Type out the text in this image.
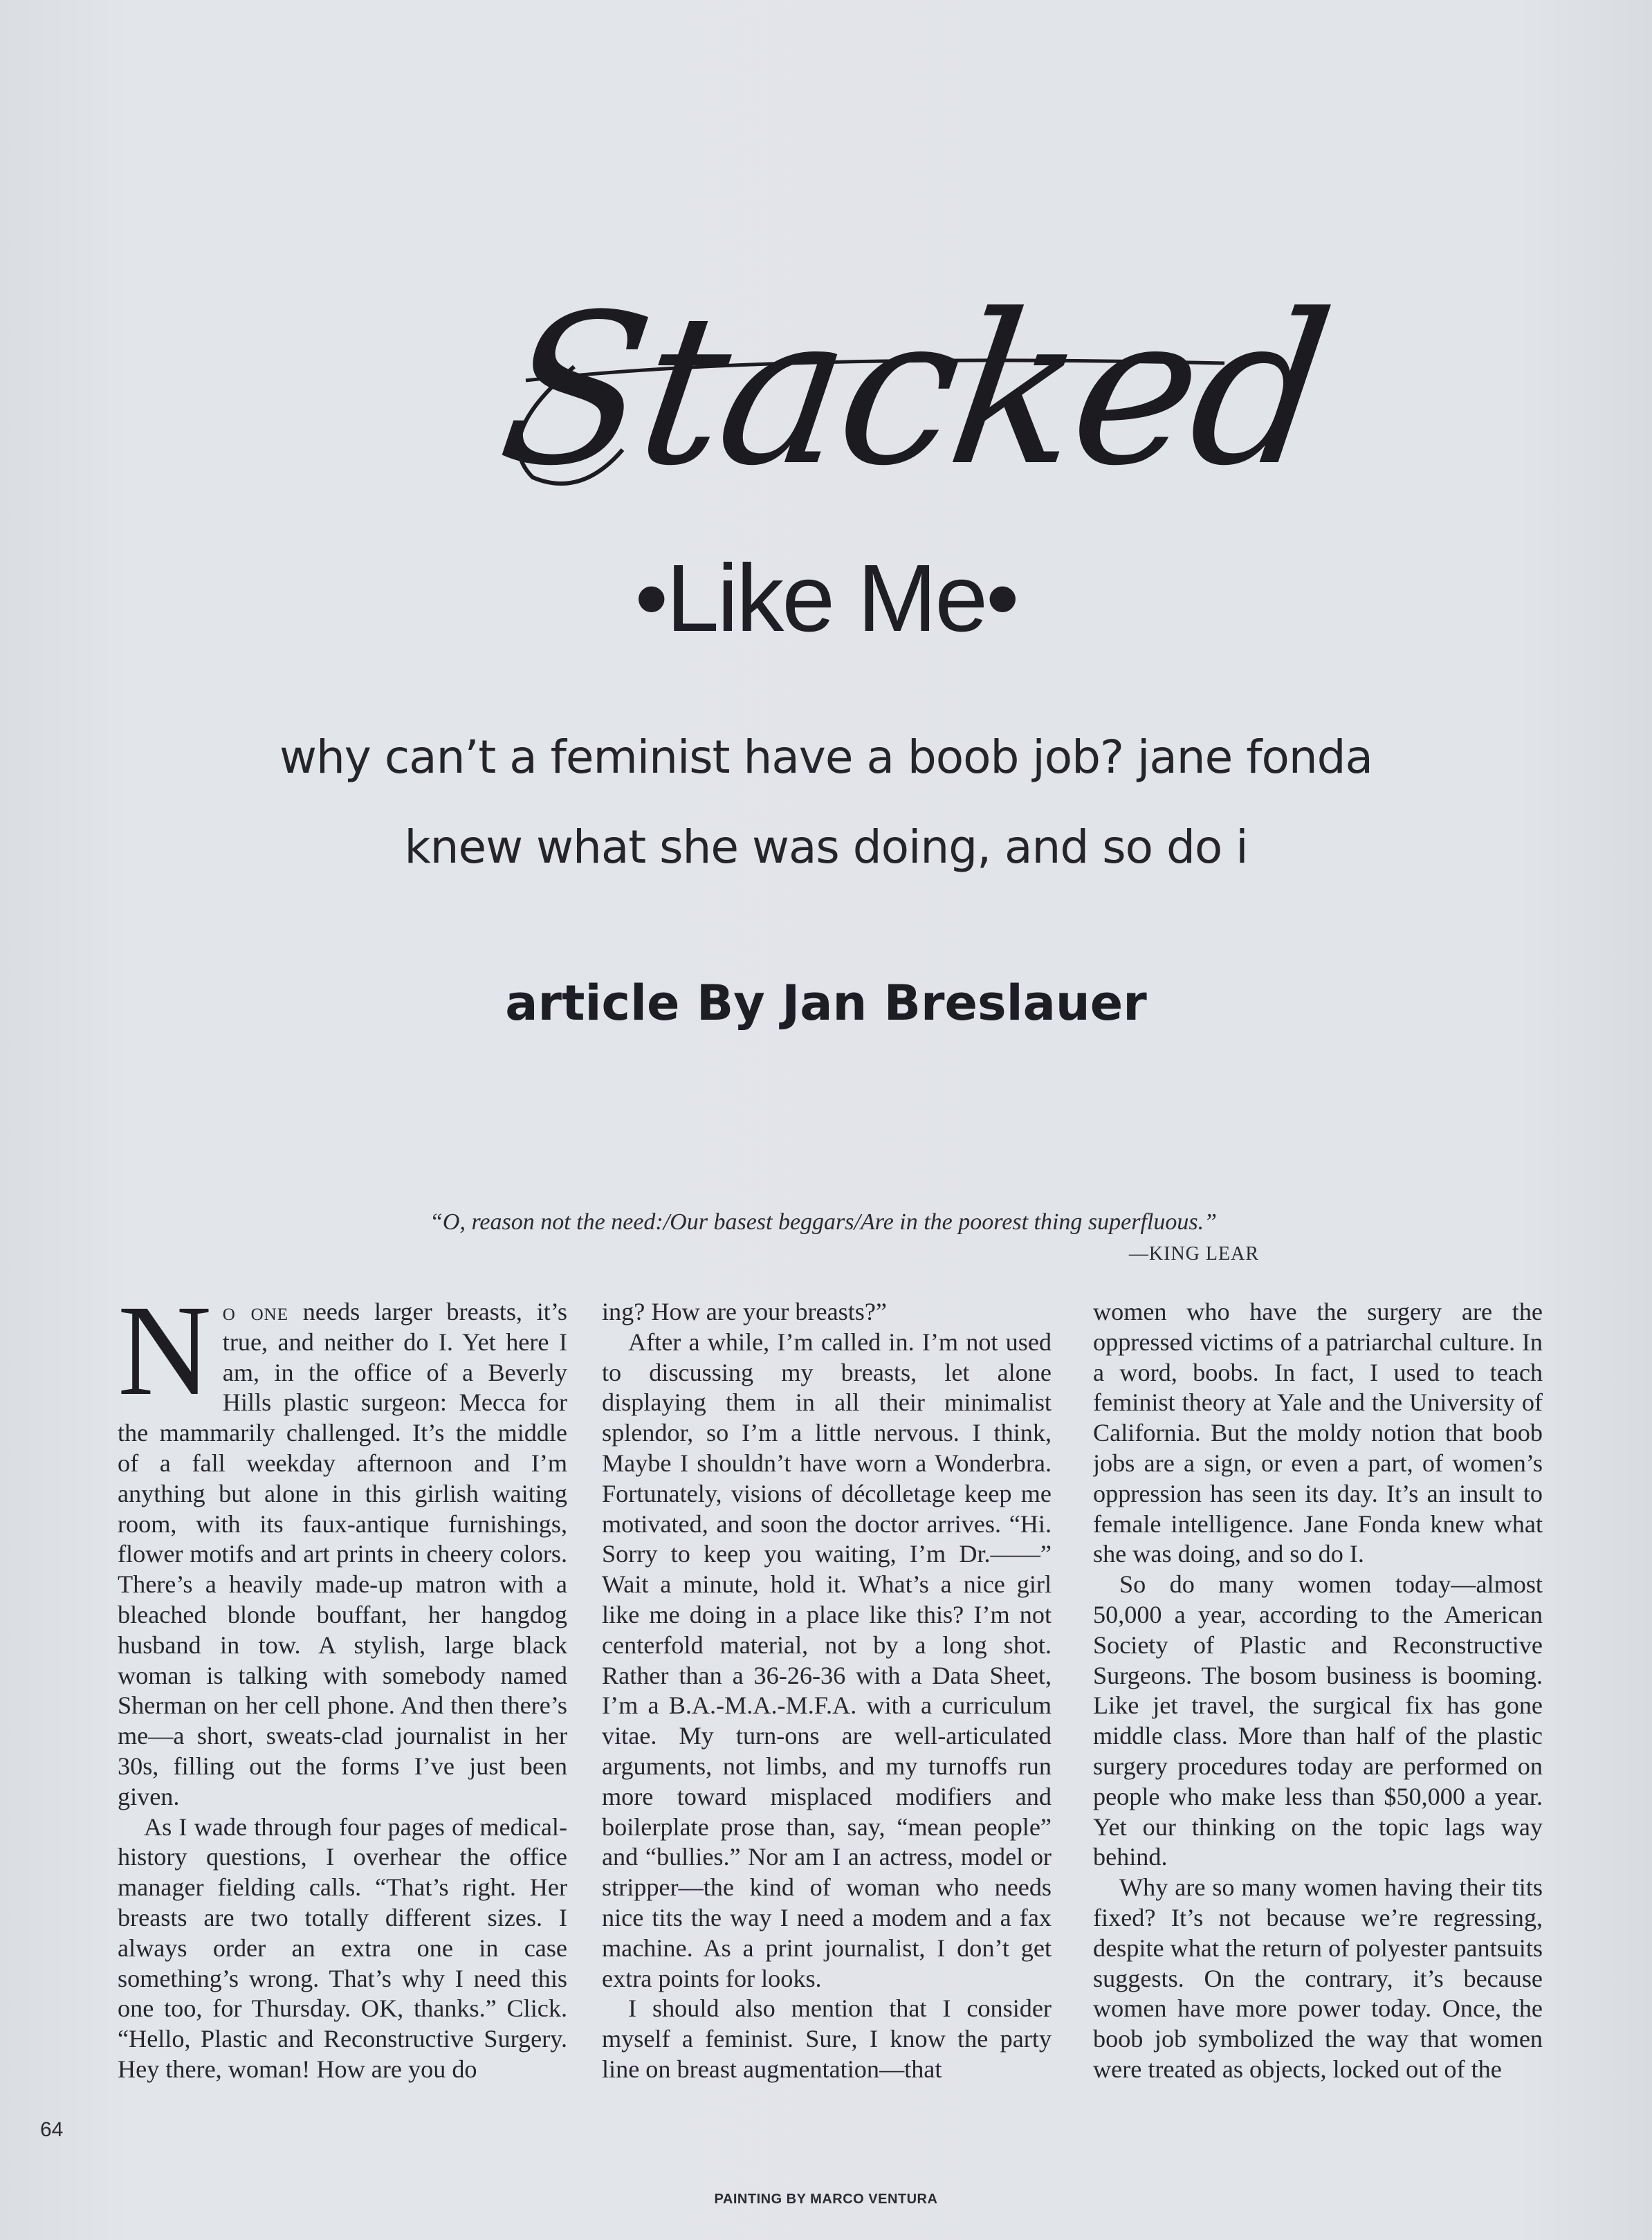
Stacked
•Like Me•
why can’t a feminist have a boob job? jane fonda
knew what she was doing, and so do i
article By Jan Breslauer
“O, reason not the need:/Our basest beggars/Are in the poorest thing superfluous.”
—KING LEAR

No one needs larger breasts, it’s true, and neither do I. Yet here I am, in the office of a Beverly Hills plastic surgeon: Mecca for the mammarily challenged. It’s the middle of a fall weekday afternoon and I’m anything but alone in this girlish waiting room, with its faux-antique furnishings, flower motifs and art prints in cheery colors. There’s a heavily made-up matron with a bleached blonde bouffant, her hangdog husband in tow. A stylish, large black woman is talking with somebody named Sherman on her cell phone. And then there’s me—a short, sweats-clad journalist in her 30s, filling out the forms I’ve just been given.

As I wade through four pages of medical-history questions, I overhear the office manager fielding calls. “That’s right. Her breasts are two totally different sizes. I always order an extra one in case something’s wrong. That’s why I need this one too, for Thursday. OK, thanks.” Click. “Hello, Plastic and Reconstructive Surgery. Hey there, woman! How are you do

ing? How are your breasts?”

After a while, I’m called in. I’m not used to discussing my breasts, let alone displaying them in all their minimalist splendor, so I’m a little nervous. I think, Maybe I shouldn’t have worn a Wonderbra. Fortunately, visions of décolletage keep me motivated, and soon the doctor arrives. “Hi. Sorry to keep you waiting, I’m Dr.——” Wait a minute, hold it. What’s a nice girl like me doing in a place like this? I’m not centerfold material, not by a long shot. Rather than a 36-26-36 with a Data Sheet, I’m a B.A.-M.A.-M.F.A. with a curriculum vitae. My turn-ons are well-articulated arguments, not limbs, and my turnoffs run more toward misplaced modifiers and boilerplate prose than, say, “mean people” and “bullies.” Nor am I an actress, model or stripper—the kind of woman who needs nice tits the way I need a modem and a fax machine. As a print journalist, I don’t get extra points for looks.

I should also mention that I consider myself a feminist. Sure, I know the party line on breast augmentation—that

women who have the surgery are the oppressed victims of a patriarchal culture. In a word, boobs. In fact, I used to teach feminist theory at Yale and the University of California. But the moldy notion that boob jobs are a sign, or even a part, of women’s oppression has seen its day. It’s an insult to female intelligence. Jane Fonda knew what she was doing, and so do I.

So do many women today—almost 50,000 a year, according to the American Society of Plastic and Reconstructive Surgeons. The bosom business is booming. Like jet travel, the surgical fix has gone middle class. More than half of the plastic surgery procedures today are performed on people who make less than $50,000 a year. Yet our thinking on the topic lags way behind.

Why are so many women having their tits fixed? It’s not because we’re regressing, despite what the return of polyester pantsuits suggests. On the contrary, it’s because women have more power today. Once, the boob job symbolized the way that women were treated as objects, locked out of the

64
PAINTING BY MARCO VENTURA
